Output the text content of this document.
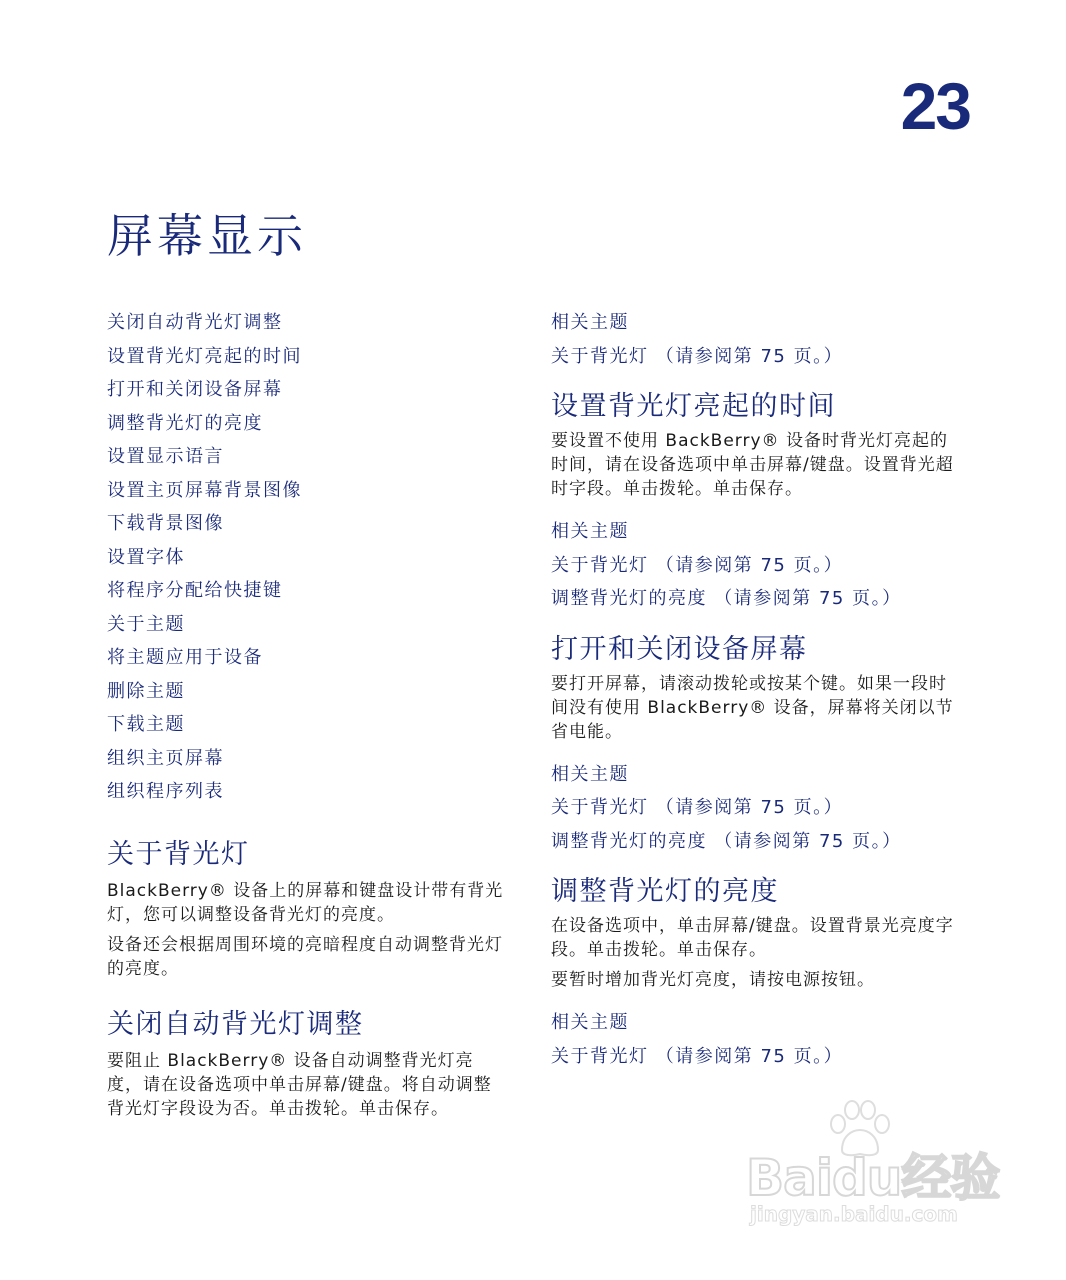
23
屏幕显示
关闭自动背光灯调整
设置背光灯亮起的时间
打开和关闭设备屏幕
调整背光灯的亮度
设置显示语言
设置主页屏幕背景图像
下载背景图像
设置字体
将程序分配给快捷键
关于主题
将主题应用于设备
删除主题
下载主题
组织主页屏幕
组织程序列表
关于背光灯

BlackBerry® 设备上的屏幕和键盘设计带有背光灯，您可以调整设备背光灯的亮度。

设备还会根据周围环境的亮暗程度自动调整背光灯的亮度。

关闭自动背光灯调整

要阻止 BlackBerry® 设备自动调整背光灯亮度，请在设备选项中单击屏幕/键盘。将自动调整背光灯字段设为否。单击拨轮。单击保存。

相关主题
关于背光灯 （请参阅第 75 页。）
设置背光灯亮起的时间

要设置不使用 BackBerry® 设备时背光灯亮起的时间，请在设备选项中单击屏幕/键盘。设置背光超时字段。单击拨轮。单击保存。

相关主题
关于背光灯 （请参阅第 75 页。）
调整背光灯的亮度 （请参阅第 75 页。）
打开和关闭设备屏幕

要打开屏幕，请滚动拨轮或按某个键。如果一段时间没有使用 BlackBerry® 设备，屏幕将关闭以节省电能。

相关主题
关于背光灯 （请参阅第 75 页。）
调整背光灯的亮度 （请参阅第 75 页。）
调整背光灯的亮度

在设备选项中，单击屏幕/键盘。设置背景光亮度字段。单击拨轮。单击保存。

要暂时增加背光灯亮度，请按电源按钮。

相关主题
关于背光灯 （请参阅第 75 页。）
Baidu经验
jingyan.baidu.com
